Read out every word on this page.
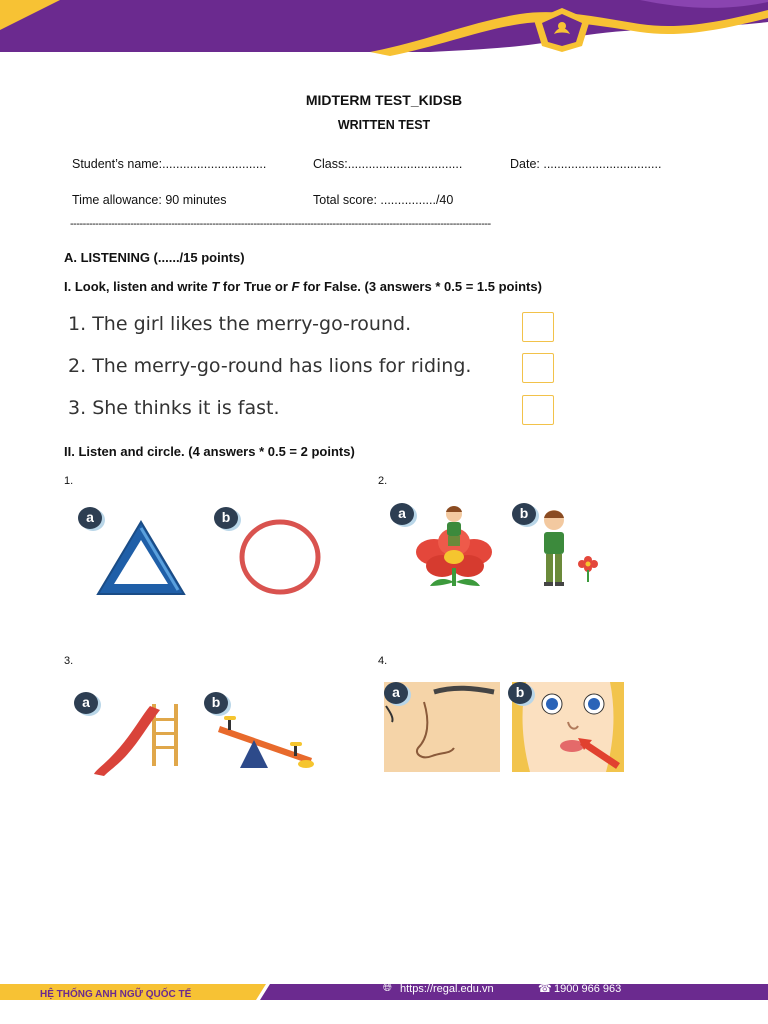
MIDTERM TEST_KIDSB
WRITTEN TEST
Student’s name:..............................	Class:.................................	Date: ..................................
Time allowance: 90 minutes	Total score: ................/40
-------------------------------------------------------------------------------------------------------------------------------------
A. LISTENING (....../15 points)
I. Look, listen and write T for True or F for False. (3 answers * 0.5 = 1.5 points)
1. The girl likes the merry-go-round.
2. The merry-go-round has lions for riding.
3. She thinks it is fast.
II. Listen and circle. (4 answers * 0.5 = 2 points)
1.
a	b
2.
a	b
3.
a	b
4.
a	b
HỆ THỐNG ANH NGỮ QUỐC TẾ
🌐︎ https://regal.edu.vn	☎ 1900 966 963
